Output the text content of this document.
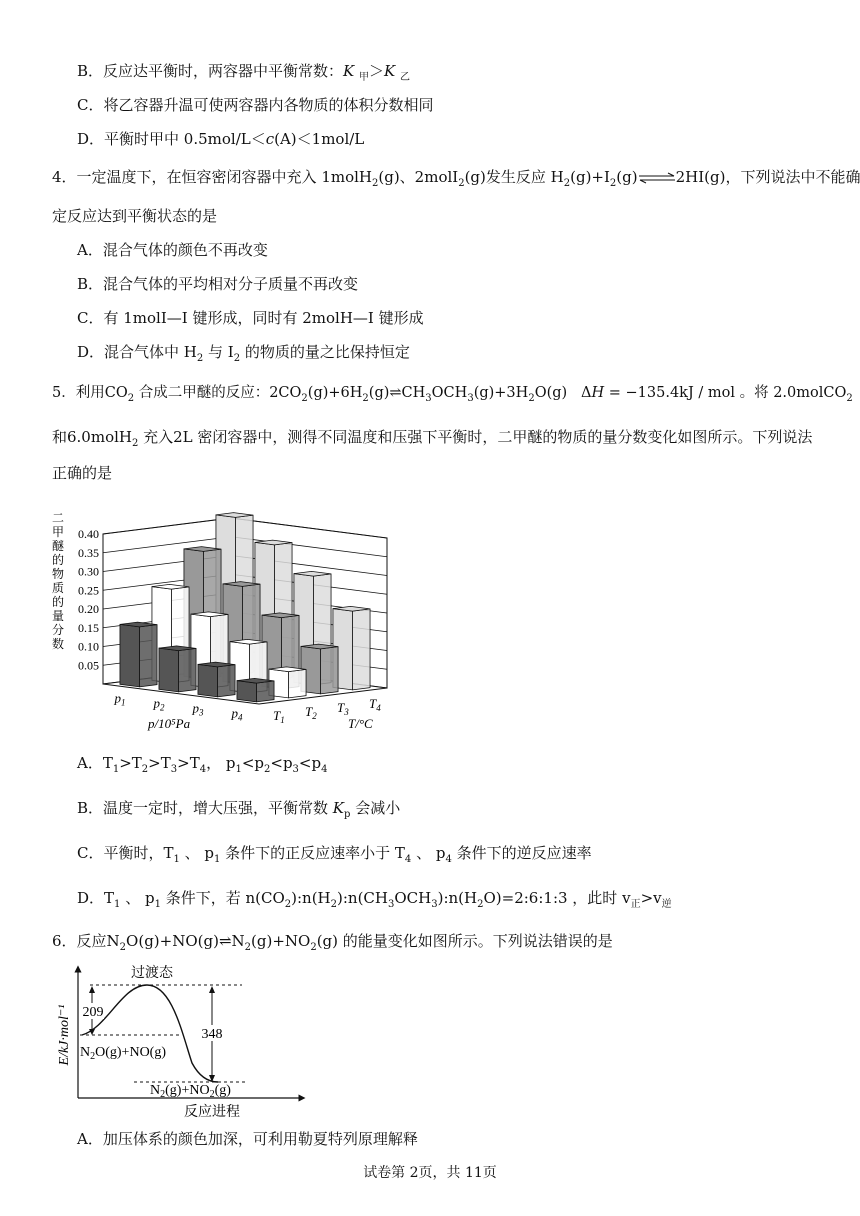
B．反应达平衡时，两容器中平衡常数：K $_甲$＞K $_乙$
C．将乙容器升温可使两容器内各物质的体积分数相同
D．平衡时甲中 0.5mol/L＜c(A)＜1mol/L
4．一定温度下，在恒容密闭容器中充入 1molH$_2$(g)、2molI$_2$(g)发生反应 $H_2(g)+I_2(g)\rightleftharpoons 2HI(g)$，下列说法中不能确
定反应达到平衡状态的是
A．混合气体的颜色不再改变
B．混合气体的平均相对分子质量不再改变
C．有 1molI—I 键形成，同时有 2molH—I 键形成
D．混合气体中 $H_2$ 与 $I_2$ 的物质的量之比保持恒定
5．利用$CO_2$ 合成二甲醚的反应：$2CO_2(g)+6H_2(g)\rightleftharpoons CH_3OCH_3(g)+3H_2O(g) \Delta H = -135.4kJ$ / mol 。将 2.0molCO$_2$
和6.0molH$_2$ 充入2L 密闭容器中，测得不同温度和压强下平衡时，二甲醚的物质的量分数变化如图所示。下列说法
正确的是
0.05
0.10
0.15
0.20
0.25
0.30
0.35
0.40
$p_1$ $p_2$ $p_3$ $p_4$ $T_1$
$T_2$
$T_3$
$T_4$
p/10⁵Pa	T/°C
二甲醚的物质的量分数
A．$T_1>T_2>T_3>T_4$， $p_1<p_2<p_3<p_4$
B．温度一定时，增大压强，平衡常数 $K_p$ 会减小
C．平衡时，$T_1$ 、 $p_1$ 条件下的正反应速率小于 $T_4$ 、 $p_4$ 条件下的逆反应速率
D．$T_1$ 、 $p_1$ 条件下，若 $n(CO_2):n(H_2):n(CH_3OCH_3):n(H_2O)=2:6:1:3$ ，此时 $v_正>v_逆$
6．反应$N_2O(g)+NO(g)\rightleftharpoons N_2(g)+NO_2(g)$ 的能量变化如图所示。下列说法错误的是
E/kJ·mol⁻¹
过渡态
209
348
$N_2O(g)+NO(g)$
$N_2(g)+NO_2(g)$
反应进程
A．加压体系的颜色加深，可利用勒夏特列原理解释
试卷第 2页，共 11页
